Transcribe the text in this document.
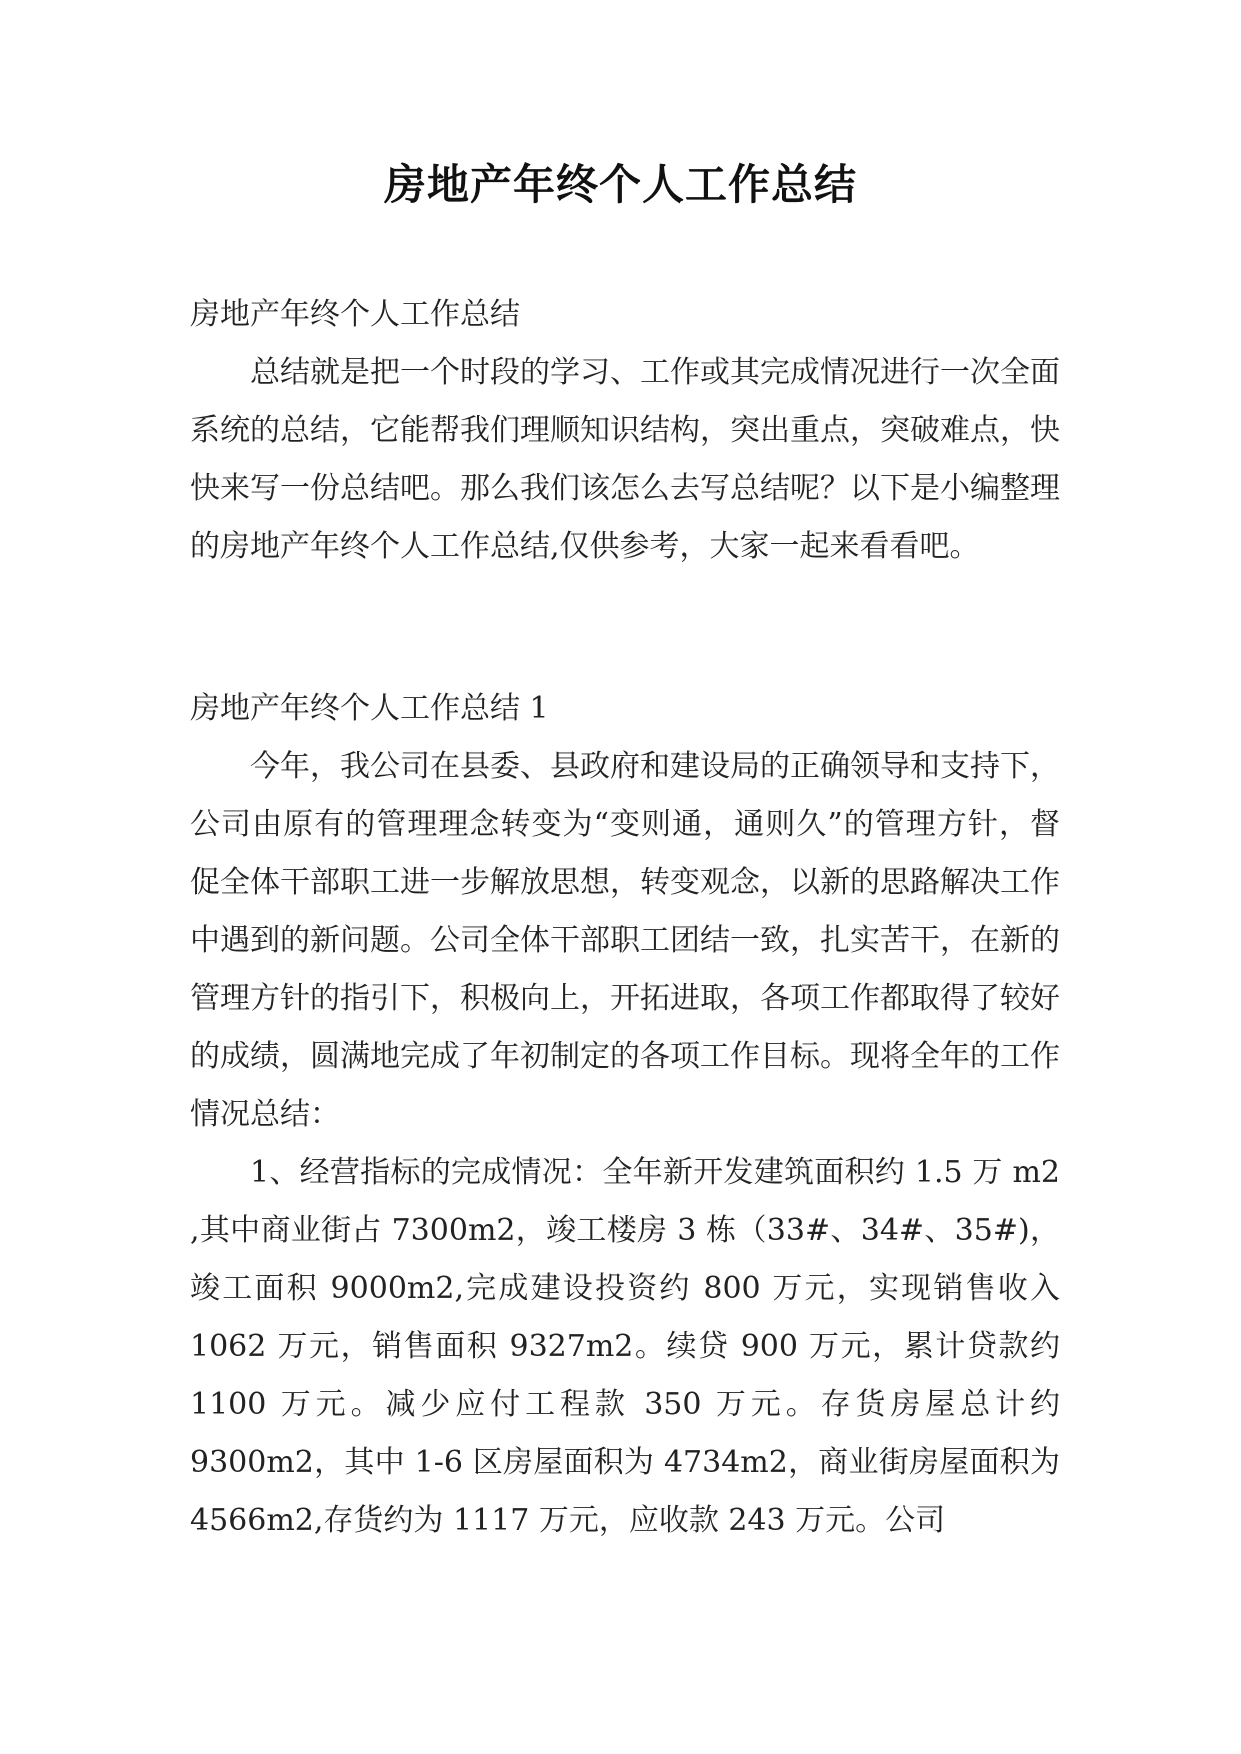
房地产年终个人工作总结

房地产年终个人工作总结

总结就是把一个时段的学习、工作或其完成情况进行一次全面系统的总结，它能帮我们理顺知识结构，突出重点，突破难点，快快来写一份总结吧。那么我们该怎么去写总结呢？以下是小编整理的房地产年终个人工作总结,仅供参考，大家一起来看看吧。

房地产年终个人工作总结 1

今年，我公司在县委、县政府和建设局的正确领导和支持下，公司由原有的管理理念转变为“变则通，通则久”的管理方针，督促全体干部职工进一步解放思想，转变观念，以新的思路解决工作中遇到的新问题。公司全体干部职工团结一致，扎实苦干，在新的管理方针的指引下，积极向上，开拓进取，各项工作都取得了较好的成绩，圆满地完成了年初制定的各项工作目标。现将全年的工作情况总结：

1、经营指标的完成情况：全年新开发建筑面积约 1.5 万 m2 ,其中商业街占 7300m2，竣工楼房 3 栋（33#、34#、35#)，竣工面积 9000m2,完成建设投资约 800 万元，实现销售收入 1062 万元，销售面积 9327m2。续贷 900 万元，累计贷款约 1100 万元。减少应付工程款 350 万元。存货房屋总计约 9300m2，其中 1-6 区房屋面积为 4734m2，商业街房屋面积为 4566m2,存货约为 1117 万元，应收款 243 万元。公司
